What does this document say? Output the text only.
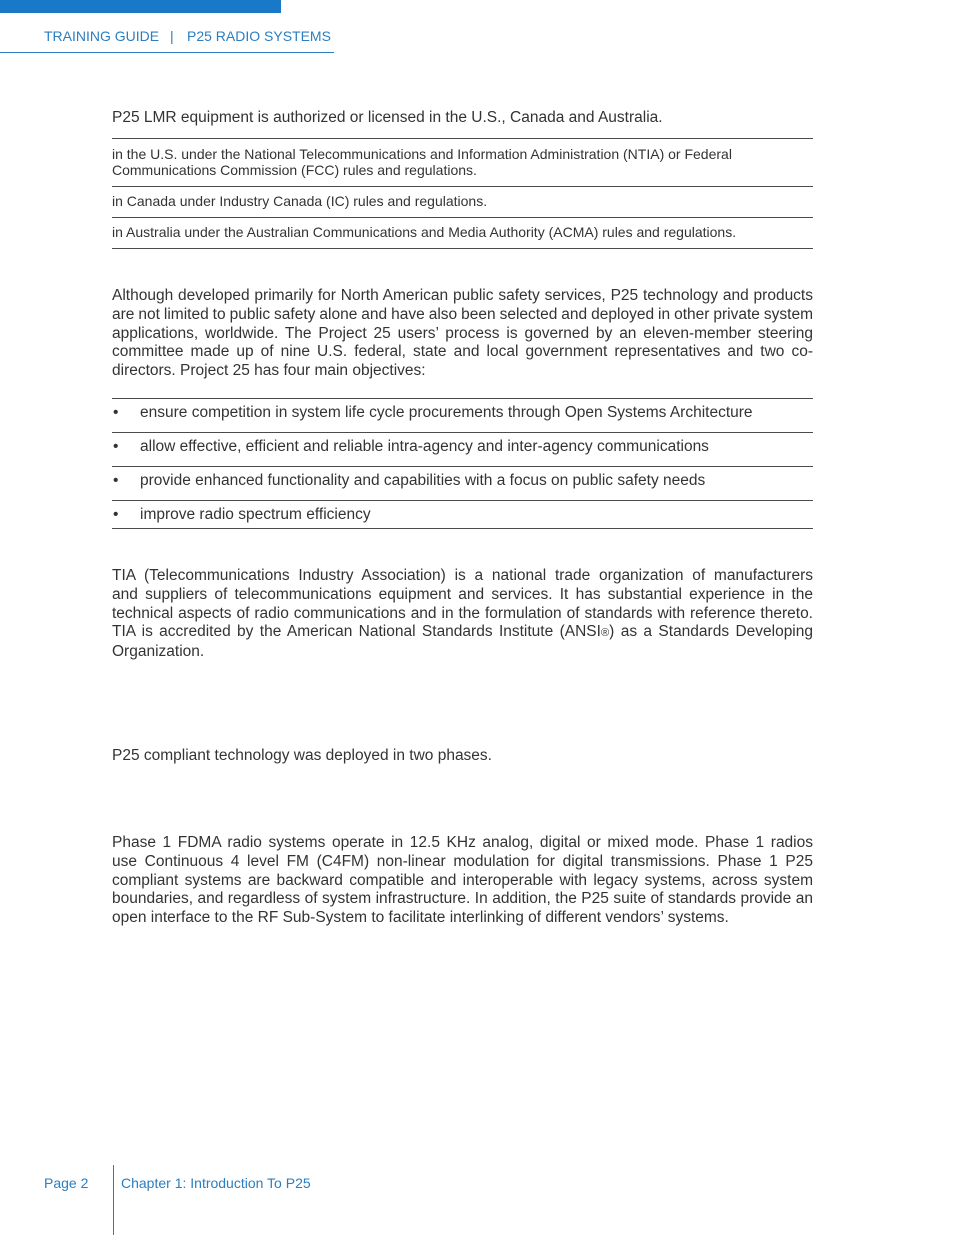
TRAINING GUIDE | P25 RADIO SYSTEMS

P25 LMR equipment is authorized or licensed in the U.S., Canada and Australia.

in the U.S. under the National Telecommunications and Information Administration (NTIA) or Federal Communications Commission (FCC) rules and regulations.
in Canada under Industry Canada (IC) rules and regulations.
in Australia under the Australian Communications and Media Authority (ACMA) rules and regulations.
Although developed primarily for North American public safety services, P25 technology and products
are not limited to public safety alone and have also been selected and deployed in other private system
applications, worldwide. The Project 25 users’ process is governed by an eleven-member steering
committee made up of nine U.S. federal, state and local government representatives and two co-
directors. Project 25 has four main objectives:
• ensure competition in system life cycle procurements through Open Systems Architecture
• allow effective, efficient and reliable intra-agency and inter-agency communications
• provide enhanced functionality and capabilities with a focus on public safety needs
• improve radio spectrum efficiency
TIA (Telecommunications Industry Association) is a national trade organization of manufacturers
and suppliers of telecommunications equipment and services. It has substantial experience in the
technical aspects of radio communications and in the formulation of standards with reference thereto.
TIA is accredited by the American National Standards Institute (ANSI®) as a Standards Developing
Organization.

P25 compliant technology was deployed in two phases.

Phase 1 FDMA radio systems operate in 12.5 KHz analog, digital or mixed mode. Phase 1 radios
use Continuous 4 level FM (C4FM) non-linear modulation for digital transmissions. Phase 1 P25
compliant systems are backward compatible and interoperable with legacy systems, across system
boundaries, and regardless of system infrastructure. In addition, the P25 suite of standards provide an
open interface to the RF Sub-System to facilitate interlinking of different vendors’ systems.
Page 2 Chapter 1: Introduction To P25
